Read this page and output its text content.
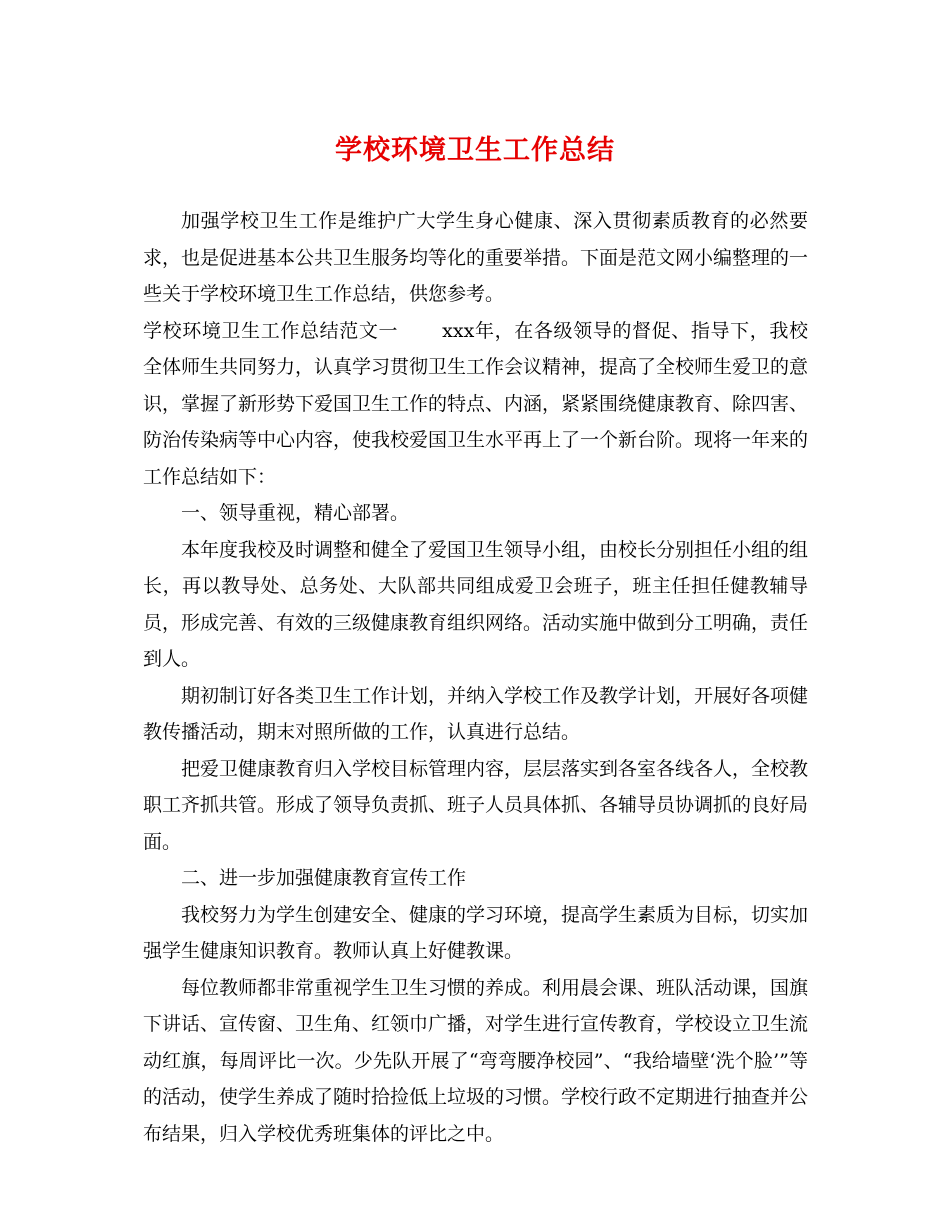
学校环境卫生工作总结

加强学校卫生工作是维护广大学生身心健康、深入贯彻素质教育的必然要求，也是促进基本公共卫生服务均等化的重要举措。下面是范文网小编整理的一些关于学校环境卫生工作总结，供您参考。

学校环境卫生工作总结范文一 xxx年，在各级领导的督促、指导下，我校全体师生共同努力，认真学习贯彻卫生工作会议精神，提高了全校师生爱卫的意识，掌握了新形势下爱国卫生工作的特点、内涵，紧紧围绕健康教育、除四害、防治传染病等中心内容，使我校爱国卫生水平再上了一个新台阶。现将一年来的工作总结如下：

一、领导重视，精心部署。

本年度我校及时调整和健全了爱国卫生领导小组，由校长分别担任小组的组长，再以教导处、总务处、大队部共同组成爱卫会班子，班主任担任健教辅导员，形成完善、有效的三级健康教育组织网络。活动实施中做到分工明确，责任到人。

期初制订好各类卫生工作计划，并纳入学校工作及教学计划，开展好各项健教传播活动，期末对照所做的工作，认真进行总结。

把爱卫健康教育归入学校目标管理内容，层层落实到各室各线各人，全校教职工齐抓共管。形成了领导负责抓、班子人员具体抓、各辅导员协调抓的良好局面。

二、进一步加强健康教育宣传工作

我校努力为学生创建安全、健康的学习环境，提高学生素质为目标，切实加强学生健康知识教育。教师认真上好健教课。

每位教师都非常重视学生卫生习惯的养成。利用晨会课、班队活动课，国旗下讲话、宣传窗、卫生角、红领巾广播，对学生进行宣传教育，学校设立卫生流动红旗，每周评比一次。少先队开展了“弯弯腰净校园”、“我给墙壁‘洗个脸’”等的活动，使学生养成了随时拾捡低上垃圾的习惯。学校行政不定期进行抽查并公布结果，归入学校优秀班集体的评比之中。
